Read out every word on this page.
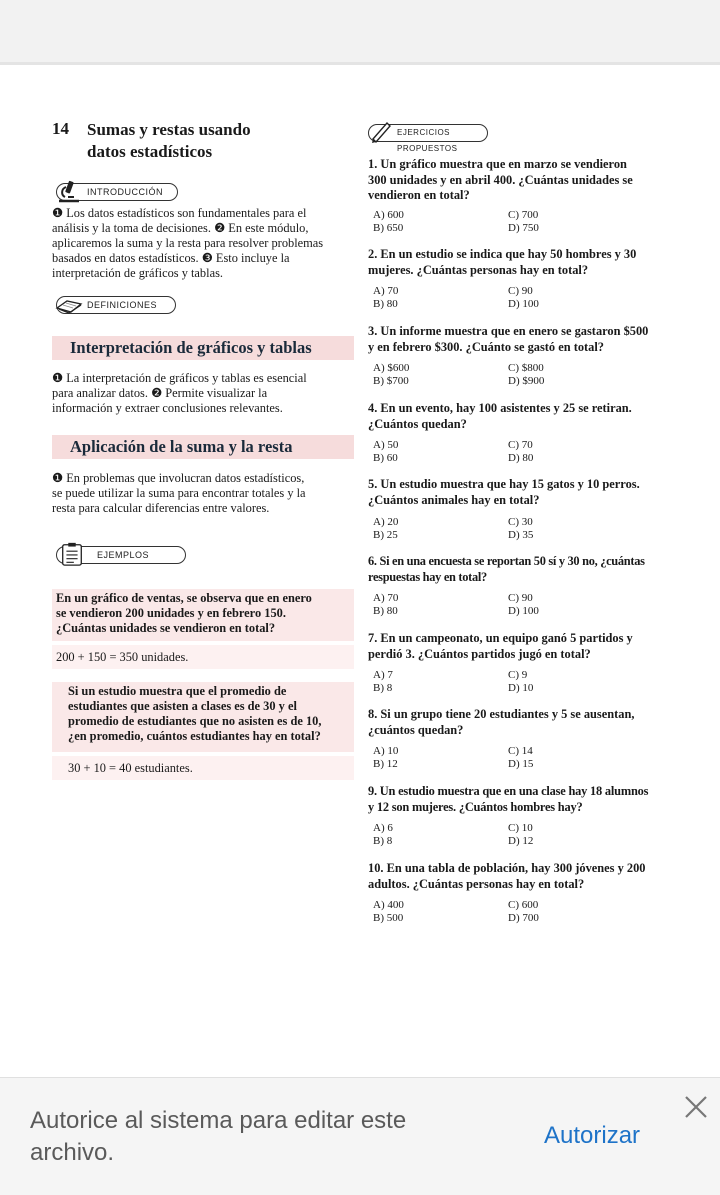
14 Sumas y restas usando
datos estadísticos
EJERCICIOS PROPUESTOS
INTRODUCCIÓN
DEFINICIONES
EJEMPLOS
❶ Los datos estadísticos son fundamentales para el
análisis y la toma de decisiones. ❷ En este módulo,
aplicaremos la suma y la resta para resolver problemas
basados en datos estadísticos. ❸ Esto incluye la
interpretación de gráficos y tablas.
Interpretación de gráficos y tablas
❶ La interpretación de gráficos y tablas es esencial
para analizar datos. ❷ Permite visualizar la
información y extraer conclusiones relevantes.
Aplicación de la suma y la resta
❶ En problemas que involucran datos estadísticos,
se puede utilizar la suma para encontrar totales y la
resta para calcular diferencias entre valores.
En un gráfico de ventas, se observa que en enero
se vendieron 200 unidades y en febrero 150.
¿Cuántas unidades se vendieron en total?
200 + 150 = 350 unidades.
Si un estudio muestra que el promedio de
estudiantes que asisten a clases es de 30 y el
promedio de estudiantes que no asisten es de 10,
¿en promedio, cuántos estudiantes hay en total?
30 + 10 = 40 estudiantes.
1. Un gráfico muestra que en marzo se vendieron
300 unidades y en abril 400. ¿Cuántas unidades se
vendieron en total?
A) 600	C) 700
B) 650	D) 750
2. En un estudio se indica que hay 50 hombres y 30
mujeres. ¿Cuántas personas hay en total?
A) 70	C) 90
B) 80	D) 100
3. Un informe muestra que en enero se gastaron $500
y en febrero $300. ¿Cuánto se gastó en total?
A) $600	C) $800
B) $700	D) $900
4. En un evento, hay 100 asistentes y 25 se retiran.
¿Cuántos quedan?
A) 50	C) 70
B) 60	D) 80
5. Un estudio muestra que hay 15 gatos y 10 perros.
¿Cuántos animales hay en total?
A) 20	C) 30
B) 25	D) 35
6. Si en una encuesta se reportan 50 sí y 30 no, ¿cuántas
respuestas hay en total?
A) 70	C) 90
B) 80	D) 100
7. En un campeonato, un equipo ganó 5 partidos y
perdió 3. ¿Cuántos partidos jugó en total?
A) 7	C) 9
B) 8	D) 10
8. Si un grupo tiene 20 estudiantes y 5 se ausentan,
¿cuántos quedan?
A) 10	C) 14
B) 12	D) 15
9. Un estudio muestra que en una clase hay 18 alumnos
y 12 son mujeres. ¿Cuántos hombres hay?
A) 6	C) 10
B) 8	D) 12
10. En una tabla de población, hay 300 jóvenes y 200
adultos. ¿Cuántas personas hay en total?
A) 400	C) 600
B) 500	D) 700
Autorice al sistema para editar este archivo.
Autorizar
